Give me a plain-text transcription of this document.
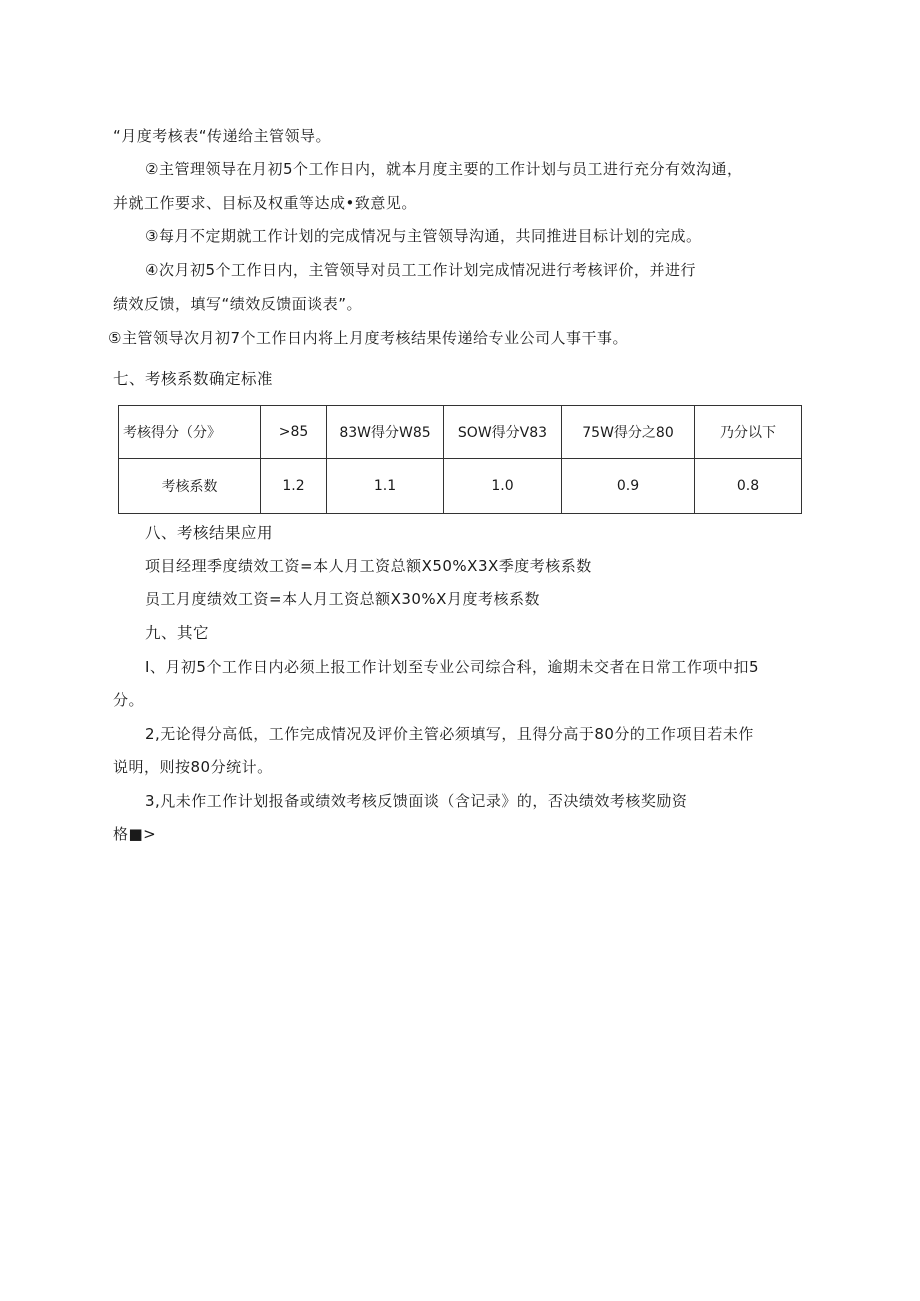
“月度考核表“传递给主管领导。
②主管理领导在月初5个工作日内，就本月度主要的工作计划与员工进行充分有效沟通，
并就工作要求、目标及权重等达成•致意见。
③每月不定期就工作计划的完成情况与主管领导沟通，共同推进目标计划的完成。
④次月初5个工作日内，主管领导对员工工作计划完成情况进行考核评价，并进行
绩效反馈，填写“绩效反馈面谈表”。
⑤主管领导次月初7个工作日内将上月度考核结果传递给专业公司人事干事。
七、考核系数确定标准
考核得分（分》	>85	83W得分W85	SOW得分V83	75W得分之80	乃分以下
考核系数	1.2	1.1	1.0	0.9	0.8
八、考核结果应用
项目经理季度绩效工资=本人月工资总额X50%X3X季度考核系数
员工月度绩效工资=本人月工资总额X30%X月度考核系数
九、其它
I、月初5个工作日内必须上报工作计划至专业公司综合科，逾期未交者在日常工作项中扣5
分。
2,无论得分高低，工作完成情况及评价主管必须填写，且得分高于80分的工作项目若未作
说明，则按80分统计。
3,凡未作工作计划报备或绩效考核反馈面谈（含记录》的，否决绩效考核奖励资
格■>
